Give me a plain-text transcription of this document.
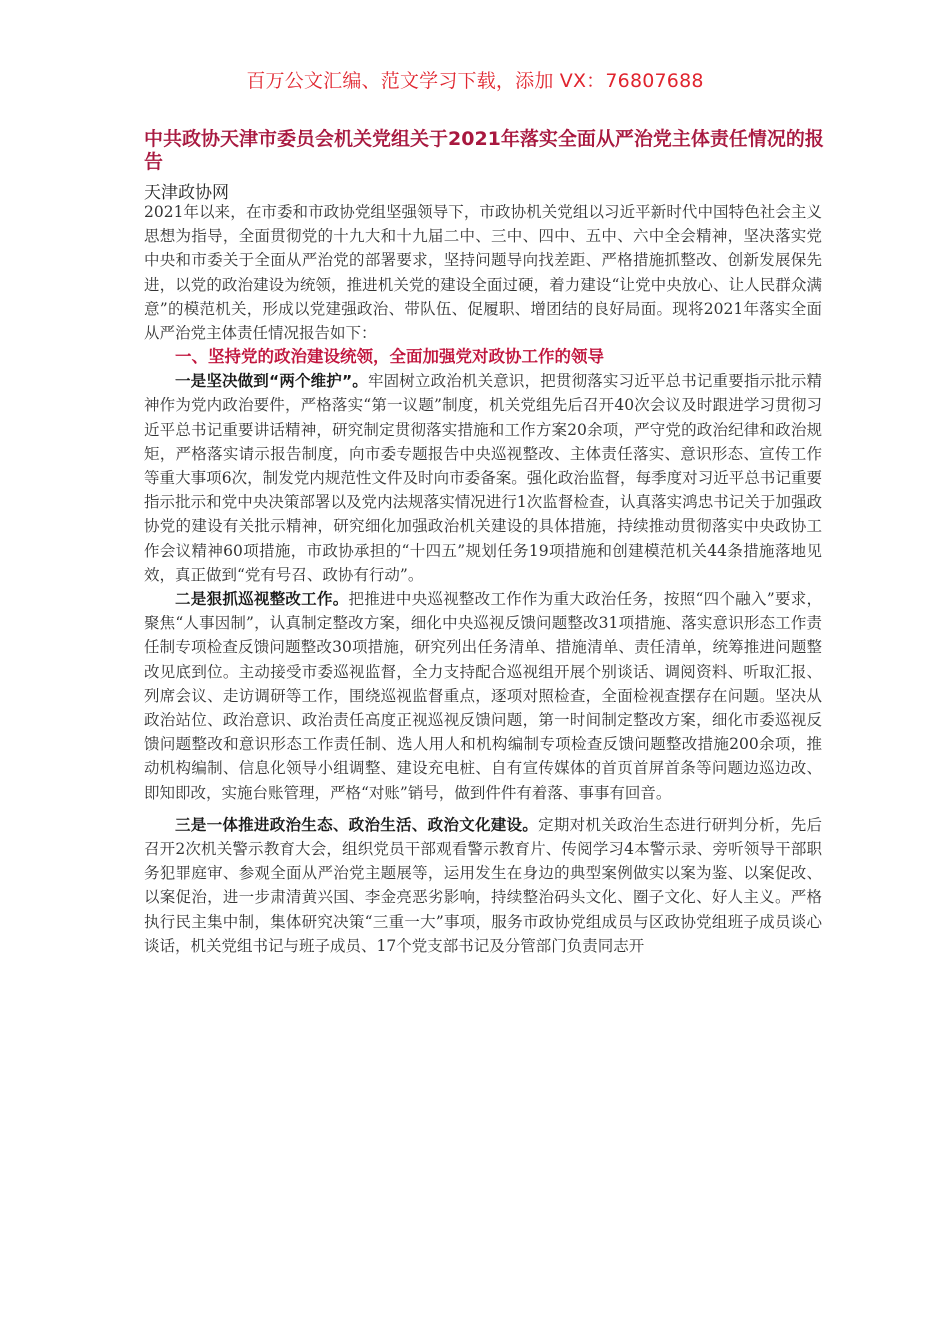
百万公文汇编、范文学习下载，添加 VX：76807688
中共政协天津市委员会机关党组关于2021年落实全面从严治党主体责任情况的报告
天津政协网

2021年以来，在市委和市政协党组坚强领导下，市政协机关党组以习近平新时代中国特色社会主义思想为指导，全面贯彻党的十九大和十九届二中、三中、四中、五中、六中全会精神，坚决落实党中央和市委关于全面从严治党的部署要求，坚持问题导向找差距、严格措施抓整改、创新发展保先进，以党的政治建设为统领，推进机关党的建设全面过硬，着力建设“让党中央放心、让人民群众满意”的模范机关，形成以党建强政治、带队伍、促履职、增团结的良好局面。现将2021年落实全面从严治党主体责任情况报告如下：

一、坚持党的政治建设统领，全面加强党对政协工作的领导

一是坚决做到“两个维护”。牢固树立政治机关意识，把贯彻落实习近平总书记重要指示批示精神作为党内政治要件，严格落实“第一议题”制度，机关党组先后召开40次会议及时跟进学习贯彻习近平总书记重要讲话精神，研究制定贯彻落实措施和工作方案20余项，严守党的政治纪律和政治规矩，严格落实请示报告制度，向市委专题报告中央巡视整改、主体责任落实、意识形态、宣传工作等重大事项6次，制发党内规范性文件及时向市委备案。强化政治监督，每季度对习近平总书记重要指示批示和党中央决策部署以及党内法规落实情况进行1次监督检查，认真落实鸿忠书记关于加强政协党的建设有关批示精神，研究细化加强政治机关建设的具体措施，持续推动贯彻落实中央政协工作会议精神60项措施，市政协承担的“十四五”规划任务19项措施和创建模范机关44条措施落地见效，真正做到“党有号召、政协有行动”。

二是狠抓巡视整改工作。把推进中央巡视整改工作作为重大政治任务，按照“四个融入”要求，聚焦“人事因制”，认真制定整改方案，细化中央巡视反馈问题整改31项措施、落实意识形态工作责任制专项检查反馈问题整改30项措施，研究列出任务清单、措施清单、责任清单，统筹推进问题整改见底到位。主动接受市委巡视监督，全力支持配合巡视组开展个别谈话、调阅资料、听取汇报、列席会议、走访调研等工作，围绕巡视监督重点，逐项对照检查，全面检视查摆存在问题。坚决从政治站位、政治意识、政治责任高度正视巡视反馈问题，第一时间制定整改方案，细化市委巡视反馈问题整改和意识形态工作责任制、选人用人和机构编制专项检查反馈问题整改措施200余项，推动机构编制、信息化领导小组调整、建设充电桩、自有宣传媒体的首页首屏首条等问题边巡边改、即知即改，实施台账管理，严格“对账”销号，做到件件有着落、事事有回音。

三是一体推进政治生态、政治生活、政治文化建设。定期对机关政治生态进行研判分析，先后召开2次机关警示教育大会，组织党员干部观看警示教育片、传阅学习4本警示录、旁听领导干部职务犯罪庭审、参观全面从严治党主题展等，运用发生在身边的典型案例做实以案为鉴、以案促改、以案促治，进一步肃清黄兴国、李金亮恶劣影响，持续整治码头文化、圈子文化、好人主义。严格执行民主集中制，集体研究决策“三重一大”事项，服务市政协党组成员与区政协党组班子成员谈心谈话，机关党组书记与班子成员、17个党支部书记及分管部门负责同志开
